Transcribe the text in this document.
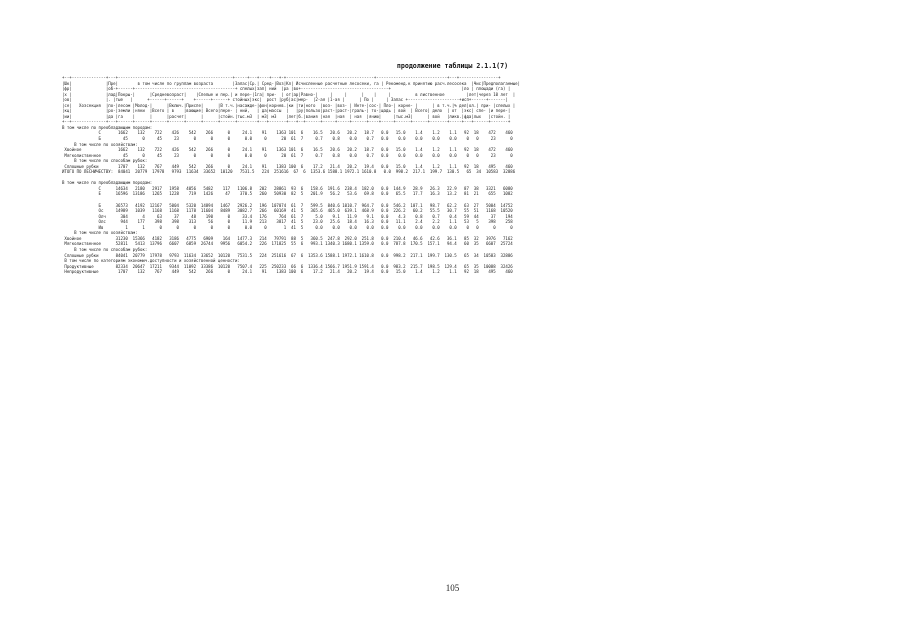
продолжение таблицы 2.1.1(7)
+--+--------------+---+-----------------------------------------------+-----+---+----+---+-+------------------------------------+-----------------------------+---+----------------+
|Шк|              |Пре|        в том числе по группам возраста        |Запас|Ср.| Сред-|Воз|Кл| Исчисленные расчетные лесосеки, га | Рекоменд.к принятию расч.лесосека  |Чис|Предполагаемые|
|фр|              |об-+------+-----------------------------------------+ спелых|зап| ний  |ра |во+------------------------------------+                             |ло | площади (га) |
|х |              |лад|Покры-|      |Средневозраст|    |Спелые и пер.| и пере-|1га| при-  | от|ар|Равно-|     |     |      |    |     |          в лиственное         |лет|через 10 лет  |
|ов|              |. |тые   |      +------+------+    +------+------+ стойных|экс|  рост |руб|ас|мер-  |2-ая |1-ая |      | По |     | Запас +---------------------+исп+------+-------|
|се|   Хозсекция  |по-|лесом |Молод-|      |Включ.|Приспе|      |В т.ч.|насажде-|фон|корнев.|ки |ти|ного  |воз- |воз- | Инте-|сос-| Пло-| корне- |      | в т.ч.|% дел|ол.| при- |спелых |
|кц|              |ро-|земли |няки  |Всего | в    |вающие| Всего|пере- | ний,   | да|массы  |   |ру|пользо|раст-|раст-|граль-| то-|щадь | вой  | Всего| дело  | от  |экс| спе- |и пере-|
|ии|              |да |га    |      |      |расчет|      |      |стойн.|тыс.м3  | м3| м3    |лет|б.|вания |ная  |ная  | ная  |янию|     |тыс.м3|      | вой   |ликв.|фда|лых   |стойн. |
+--+--------------+---+------+------+------+------+------+------+------+--------+---+-------+---+--+------+-----+-----+------+----+-----+------+------+-------+-----+---+------+-------+
В том числе по преобладающим породам:
С       1662    132    722    426    542    266      0     24.1    91    1363 101  6    16.5   20.6   20.2   18.7   0.0   15.0    1.4    1.2    1.1   92  18    472    460
Б         45      0     45     23      0      0      0      0.0     0      20  61  7     0.7    0.8    0.0    0.7   0.0    0.0    0.0    0.0    0.0    0   0     23      0
В том числе по хозяйствам:
Хвойное               1662    132    722    426    542    266      0     24.1    91    1363 101  6    16.5   20.6   20.2   18.7   0.0   15.0    1.4    1.2    1.1   92  18    472    460
Мягколиственное         45      0     45     23      0      0      0      0.0     0      20  61  7     0.7    0.8    0.0    0.7   0.0    0.0    0.0    0.0    0.0    0   0     23      0
В том числе по способам рубок:
Сплошные рубки        1707    132    767    449    542    266      0     24.1    91    1383 100  6    17.2   21.4   20.2   19.4   0.0   15.0    1.4    1.2    1.1   92  18    495    460
ИТОГО ПО ЛЕСНИЧЕСТВУ:  84041  20779  17978   9793  11634  33652  10120   7531.5   224  251616  67  6  1353.6 1588.1 1972.1 1610.8   0.0  998.2  217.1  199.7  130.5   65  34  10583  32886
В том числе по преобладающим породам:
С      14634   2180   2917   1958   4056   5482    117   1106.8   202   28861  93  6   158.6  191.6  238.4  182.0   0.0  144.9   28.9   26.3   22.9   87  38   3321   6080
Е      16596  13186   1265   1228    719   1426     47    370.5   260   50930  82  5   201.9   56.2   53.6   69.8   0.0   65.5   17.7   16.3   13.2   81  21    655   1082
Б      36573   4192  12167   5004   5320  14894   1467   2926.2   196  107074  61  7   599.5  840.6 1010.7  964.7   0.0  546.2  107.1   98.7   62.2   63  27   5004  14752
Ос     14989   1039   1168   1168   1178  11604   8489   3082.7   266   60169  41  5   365.6  465.0  639.1  468.9   0.0  226.2   60.2   55.5   30.7   55  51   1168  10520
Олч      304      4     63     37     48    190      0     33.4   176     764  61  7     5.0    9.1   11.9    9.1   0.0    4.3    0.8    0.7    0.4   59  44     37    194
Олс      944    177    398    398    313     56      0     11.9   213    3817  41  5    23.0   25.6   18.4   16.3   0.0   11.1    2.4    2.2    1.1   53   5    398    258
Ив         1      1      0      0      0      0      0      0.0     0       1  41  5     0.0    0.0    0.0    0.0   0.0    0.0    0.0    0.0    0.0    0   0      0      0
В том числе по хозяйствам:
Хвойное              31230  15366   4182   3186   4775   6909    164   1477.3   214   79791  88  5   360.5  247.8  292.0  251.8   0.0  210.4   46.6   42.6   36.1   85  32   3976   7162
Мягколиственное      52811   5413  13796   6607   6859  26744   9956   6054.2   226  171825  55  6   993.1 1340.3 1680.1 1359.0   0.0  787.8  170.5  157.1   94.4   60  35   6607  25724
В том числе по способам рубок:
Сплошные рубки       84041  20779  17978   9793  11634  33652  10120   7531.5   224  251616  67  6  1353.6 1588.1 1972.1 1610.8   0.0  998.2  217.1  199.7  130.5   65  34  10583  32886
В том числе по категориям экономич.доступности и хозяйственной ценности:
Продуктивные         82334  20647  17211   9344  11092  33386  10120   7507.4   225  250233  66  6  1336.4 1566.7 1951.9 1591.4   0.0  983.2  215.7  198.5  129.4   65  35  10088  32426
Непродуктивные        1707    132    767    449    542    266      0     24.1    91    1383 100  6    17.2   21.4   20.2   19.4   0.0   15.0    1.4    1.2    1.1   92  18    495    460
105
